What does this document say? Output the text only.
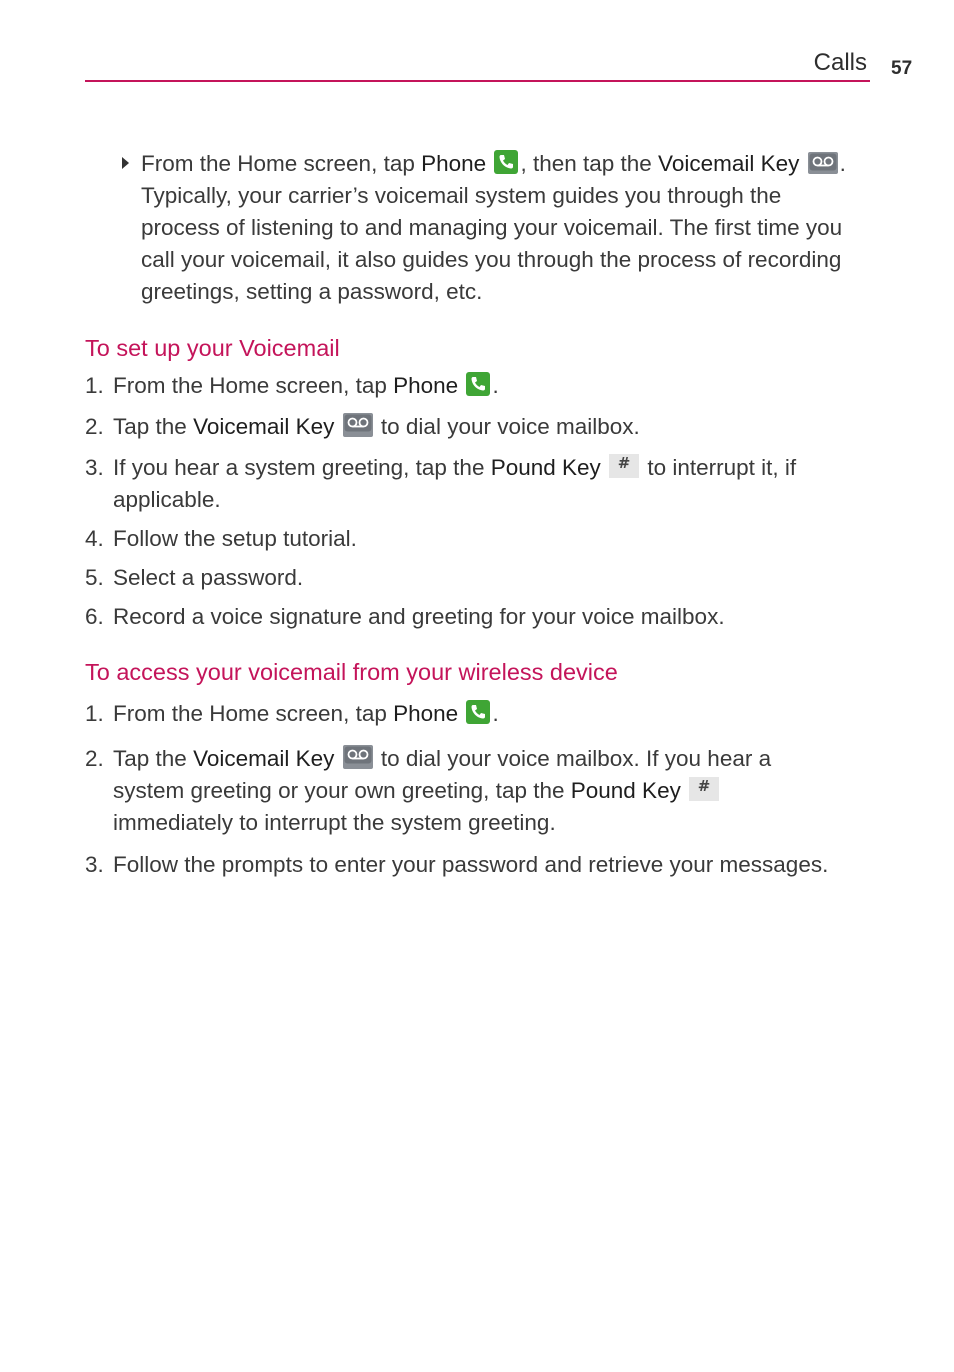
Calls 57
From the Home screen, tap Phone , then tap the Voicemail Key . Typically, your carrier’s voicemail system guides you through the process of listening to and managing your voicemail. The first time you call your voicemail, it also guides you through the process of recording greetings, setting a password, etc.
To set up your Voicemail
1. From the Home screen, tap Phone .
2. Tap the Voicemail Key
to dial your voice mailbox.
3. If you hear a system greeting, tap the Pound Key # to interrupt it, if applicable.
4. Follow the setup tutorial.
5. Select a password.
6. Record a voice signature and greeting for your voice mailbox.
To access your voicemail from your wireless device
1. From the Home screen, tap Phone .
2. Tap the Voicemail Key
to dial your voice mailbox. If you hear a system greeting or your own greeting, tap the Pound Key #
immediately to interrupt the system greeting.
3. Follow the prompts to enter your password and retrieve your messages.
